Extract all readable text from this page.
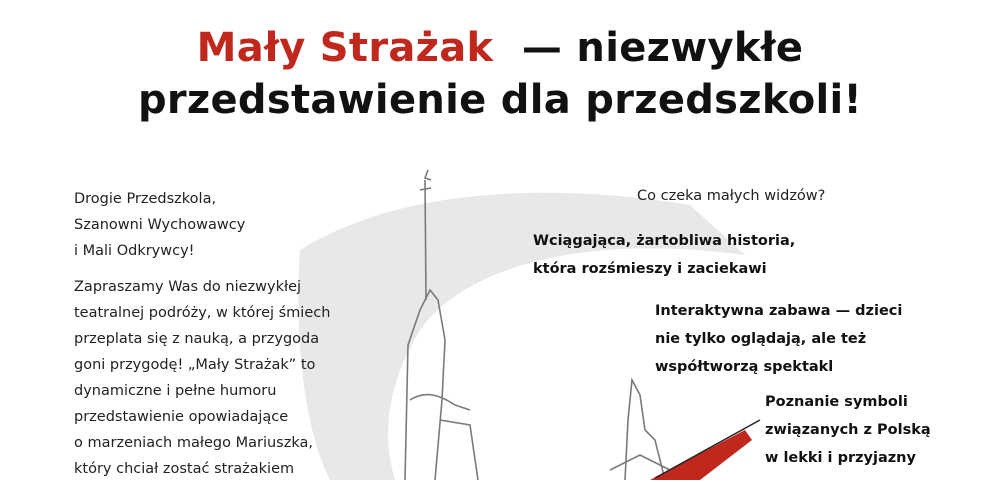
Mały Strażak — niezwykłe
przedstawienie dla przedszkoli!
Drogie Przedszkola,
Szanowni Wychowawcy
i Mali Odkrywcy!

Zapraszamy Was do niezwykłej
teatralnej podróży, w której śmiech
przeplata się z nauką, a przygoda
goni przygodę! „Mały Strażak” to
dynamiczne i pełne humoru
przedstawienie opowiadające
o marzeniach małego Mariuszka,
który chciał zostać strażakiem

Co czeka małych widzów?
Wciągająca, żartobliwa historia,
która rozśmieszy i zaciekawi
Interaktywna zabawa — dzieci
nie tylko oglądają, ale też
współtworzą spektakl
Poznanie symboli
związanych z Polską
w lekki i przyjazny
